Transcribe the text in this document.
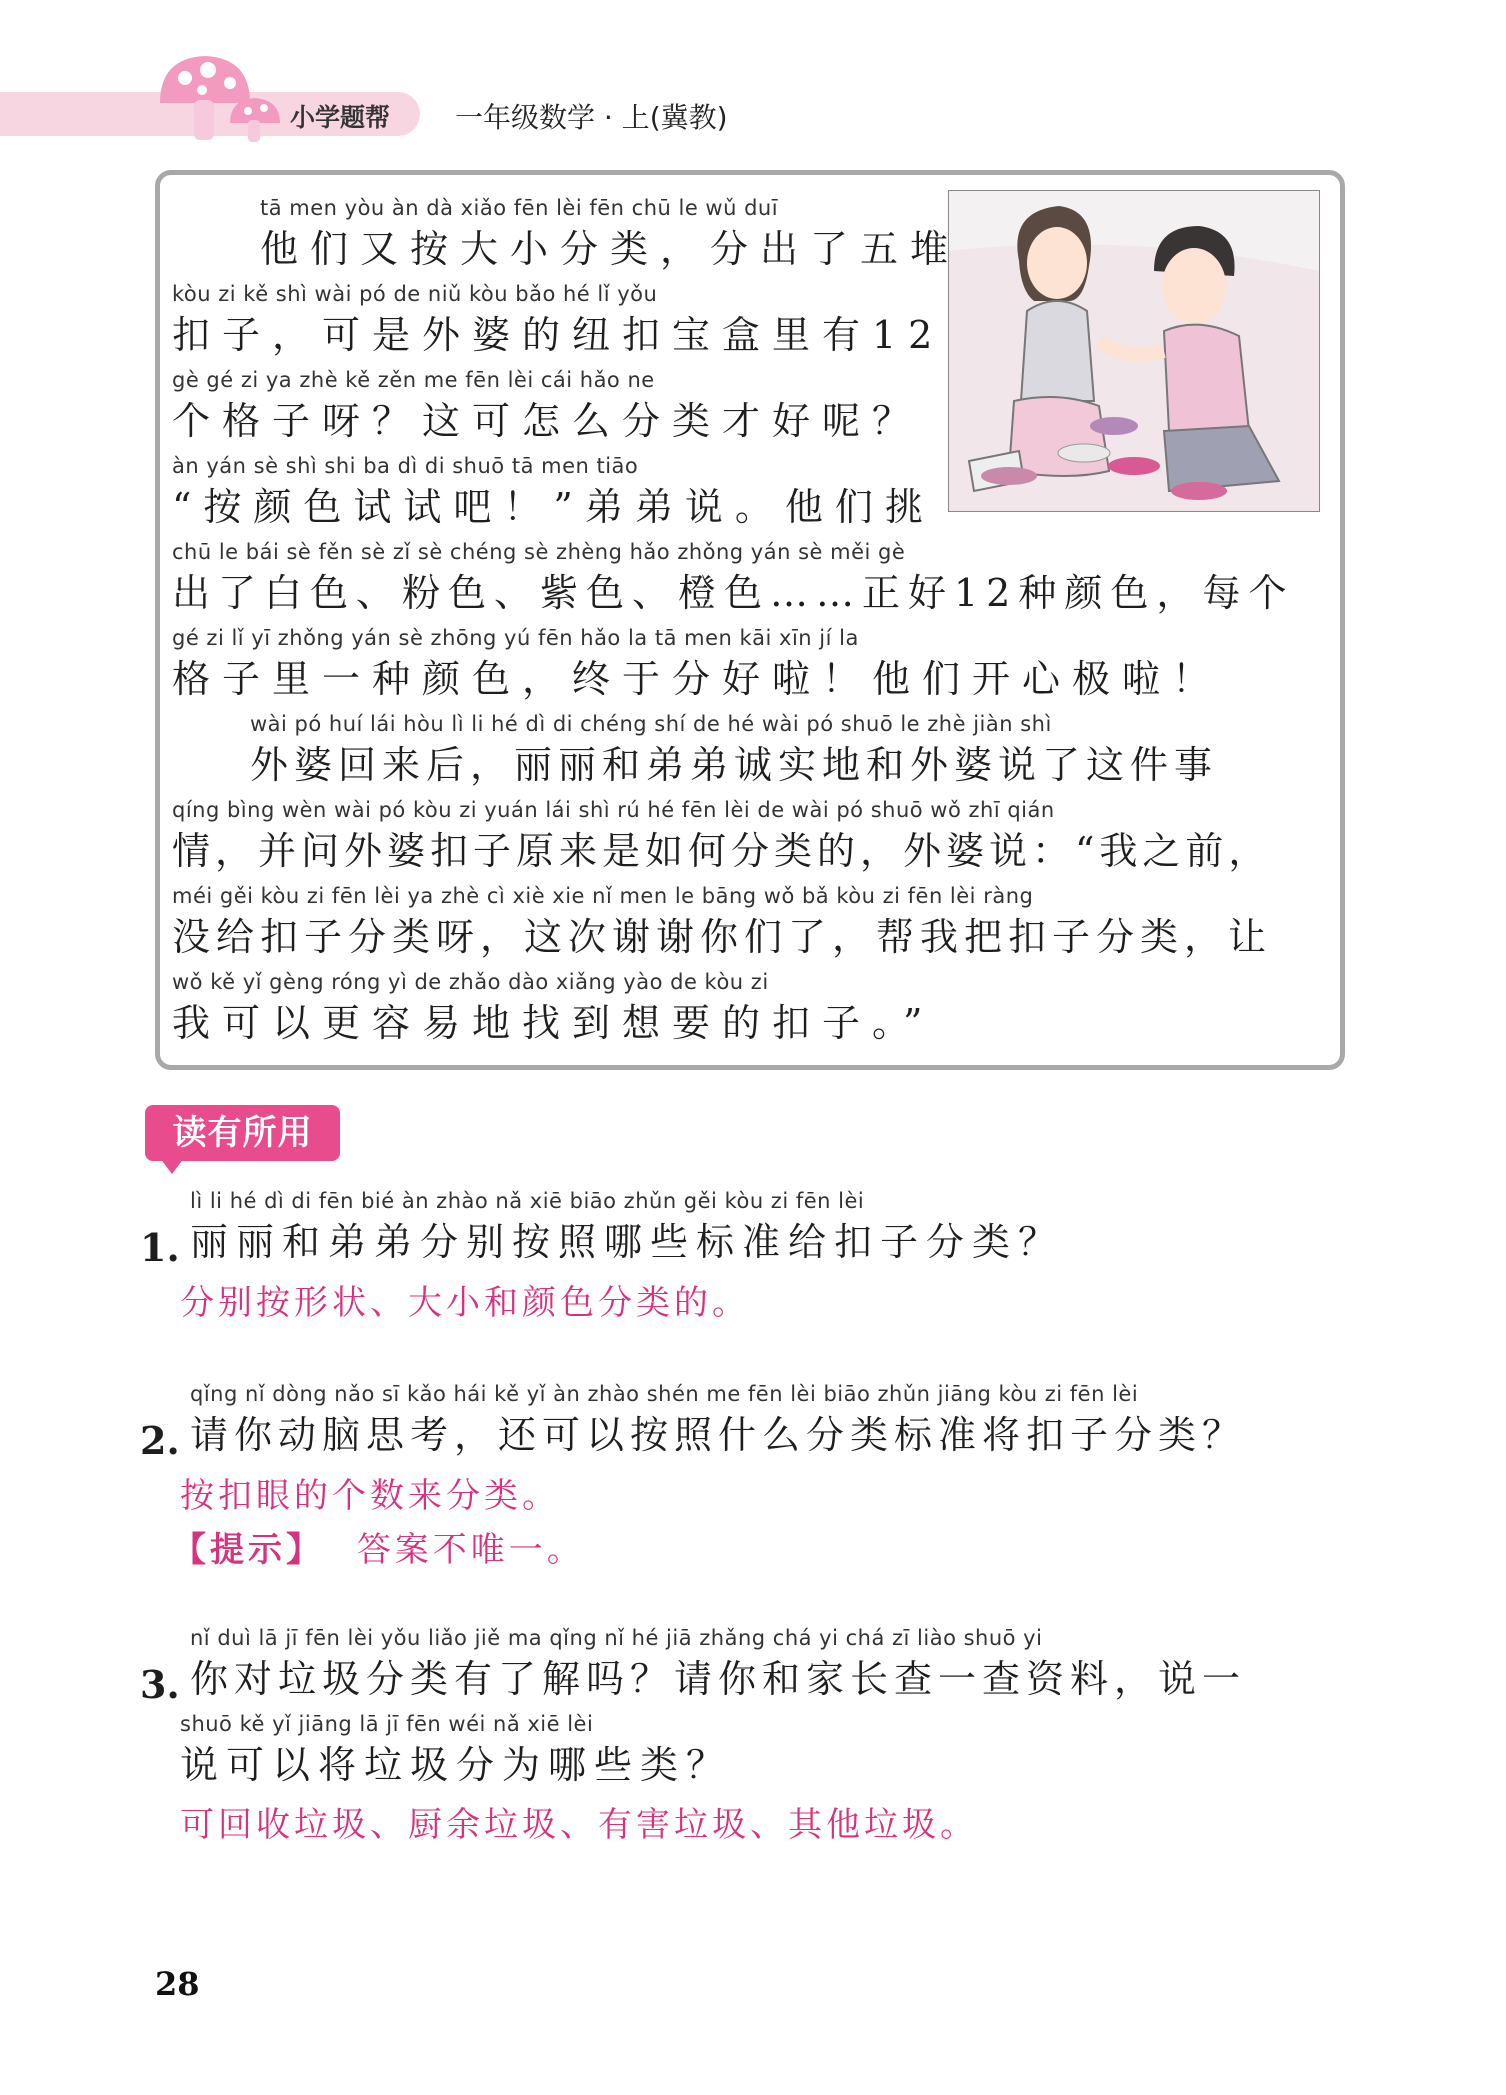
小学题帮 一年级数学 · 上(冀教)
tā men yòu àn dà xiǎo fēn lèi fēn chū le wǔ duī
他们又按大小分类，分出了五堆
kòu zi kě shì wài pó de niǔ kòu bǎo hé lǐ yǒu
扣子，可是外婆的纽扣宝盒里有12
gè gé zi ya zhè kě zěn me fēn lèi cái hǎo ne
个格子呀？这可怎么分类才好呢？
àn yán sè shì shi ba dì di shuō tā men tiāo
“按颜色试试吧！”弟弟说。他们挑
chū le bái sè fěn sè zǐ sè chéng sè zhèng hǎo zhǒng yán sè měi gè
出了白色、粉色、紫色、橙色……正好12种颜色，每个
gé zi lǐ yī zhǒng yán sè zhōng yú fēn hǎo la tā men kāi xīn jí la
格子里一种颜色，终于分好啦！他们开心极啦！
wài pó huí lái hòu lì li hé dì di chéng shí de hé wài pó shuō le zhè jiàn shì
外婆回来后，丽丽和弟弟诚实地和外婆说了这件事
qíng bìng wèn wài pó kòu zi yuán lái shì rú hé fēn lèi de wài pó shuō wǒ zhī qián
情，并问外婆扣子原来是如何分类的，外婆说：“我之前，
méi gěi kòu zi fēn lèi ya zhè cì xiè xie nǐ men le bāng wǒ bǎ kòu zi fēn lèi ràng
没给扣子分类呀，这次谢谢你们了，帮我把扣子分类，让
wǒ kě yǐ gèng róng yì de zhǎo dào xiǎng yào de kòu zi
我可以更容易地找到想要的扣子。”
读有所用
1.
lì li hé dì di fēn bié àn zhào nǎ xiē biāo zhǔn gěi kòu zi fēn lèi
丽丽和弟弟分别按照哪些标准给扣子分类？
分别按形状、大小和颜色分类的。
2.
qǐng nǐ dòng nǎo sī kǎo hái kě yǐ àn zhào shén me fēn lèi biāo zhǔn jiāng kòu zi fēn lèi
请你动脑思考，还可以按照什么分类标准将扣子分类？
按扣眼的个数来分类。
【提示】 答案不唯一。
3.
nǐ duì lā jī fēn lèi yǒu liǎo jiě ma qǐng nǐ hé jiā zhǎng chá yi chá zī liào shuō yi
你对垃圾分类有了解吗？请你和家长查一查资料，说一
shuō kě yǐ jiāng lā jī fēn wéi nǎ xiē lèi
说可以将垃圾分为哪些类？
可回收垃圾、厨余垃圾、有害垃圾、其他垃圾。
28
